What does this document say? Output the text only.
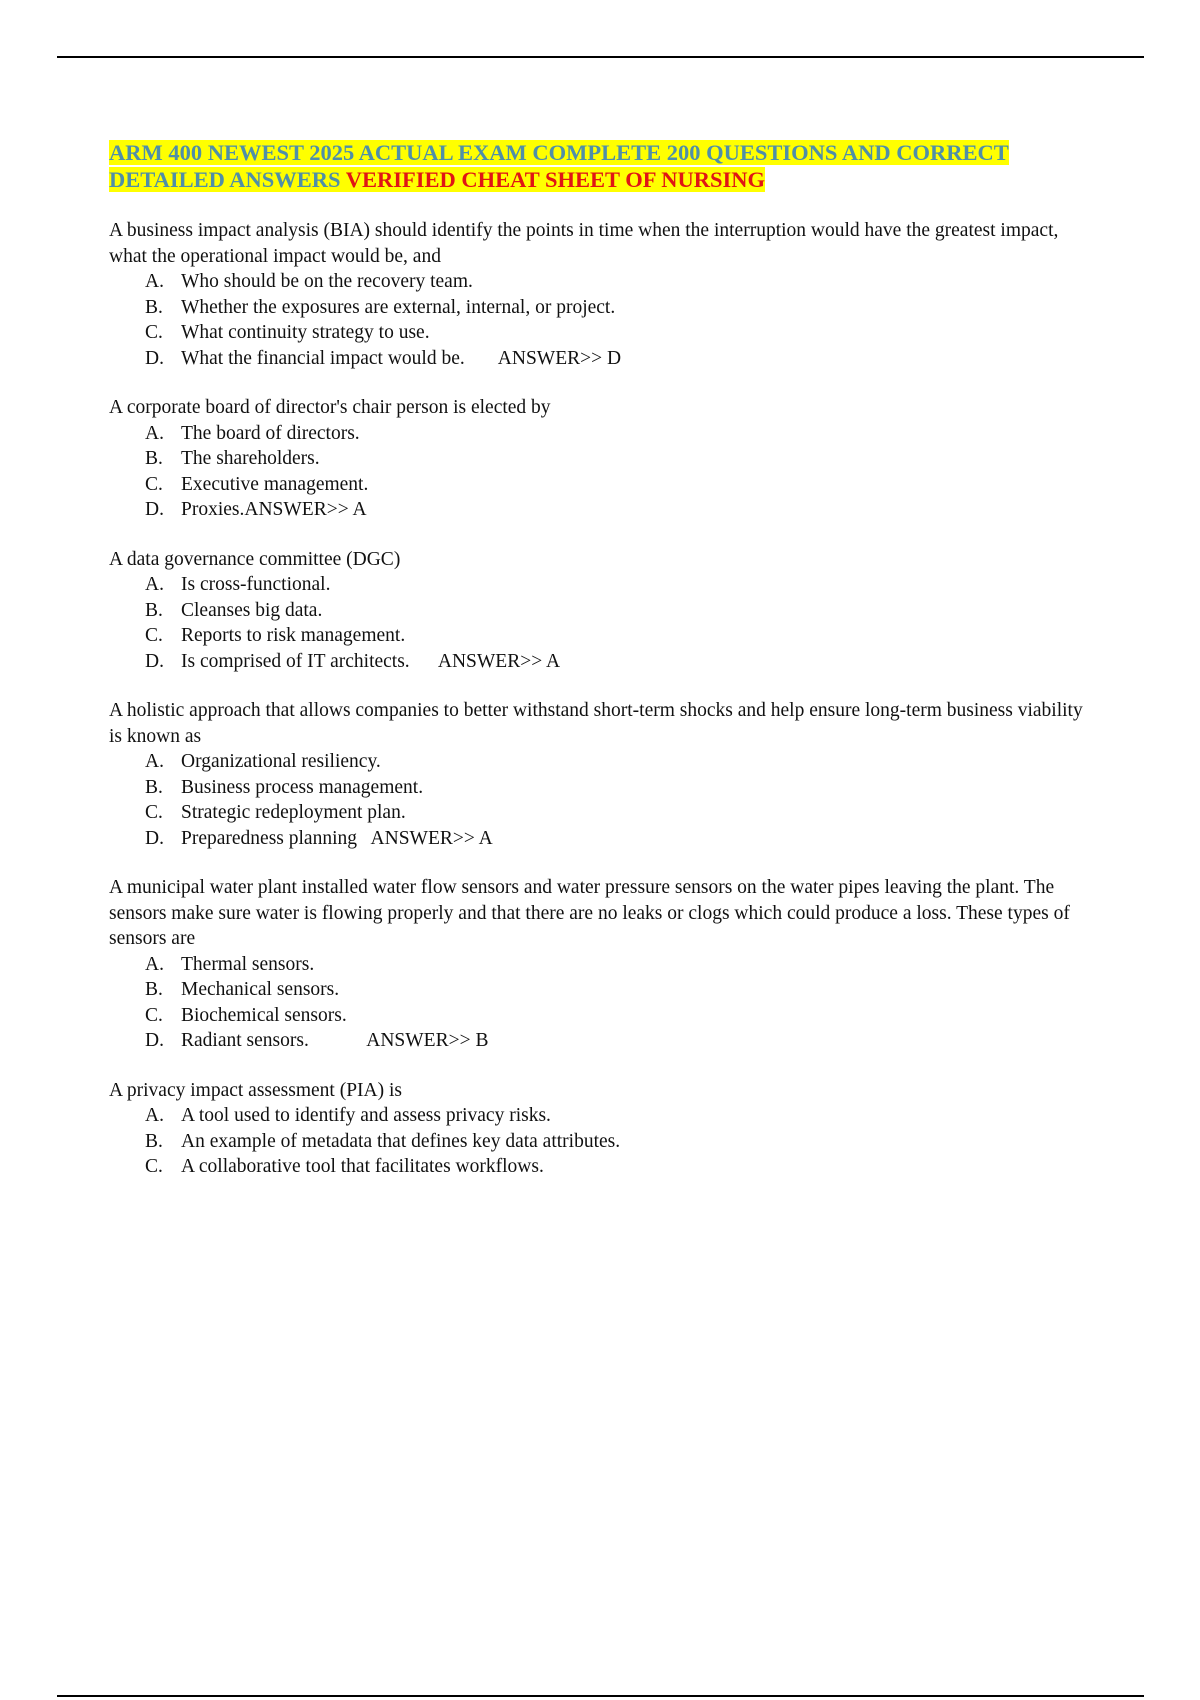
ARM 400 NEWEST 2025 ACTUAL EXAM COMPLETE 200 QUESTIONS AND CORRECT DETAILED ANSWERS VERIFIED CHEAT SHEET OF NURSING

A business impact analysis (BIA) should identify the points in time when the interruption would have the greatest impact, what the operational impact would be, and

A. Who should be on the recovery team.
B. Whether the exposures are external, internal, or project.
C. What continuity strategy to use.
D. What the financial impact would be. ANSWER>> D

A corporate board of director's chair person is elected by

A. The board of directors.
B. The shareholders.
C. Executive management.
D. Proxies.ANSWER>> A

A data governance committee (DGC)

A. Is cross-functional.
B. Cleanses big data.
C. Reports to risk management.
D. Is comprised of IT architects. ANSWER>> A

A holistic approach that allows companies to better withstand short-term shocks and help ensure long-term business viability is known as

A. Organizational resiliency.
B. Business process management.
C. Strategic redeployment plan.
D. Preparedness planning ANSWER>> A

A municipal water plant installed water flow sensors and water pressure sensors on the water pipes leaving the plant. The sensors make sure water is flowing properly and that there are no leaks or clogs which could produce a loss. These types of sensors are

A. Thermal sensors.
B. Mechanical sensors.
C. Biochemical sensors.
D. Radiant sensors. ANSWER>> B

A privacy impact assessment (PIA) is

A. A tool used to identify and assess privacy risks.
B. An example of metadata that defines key data attributes.
C. A collaborative tool that facilitates workflows.
